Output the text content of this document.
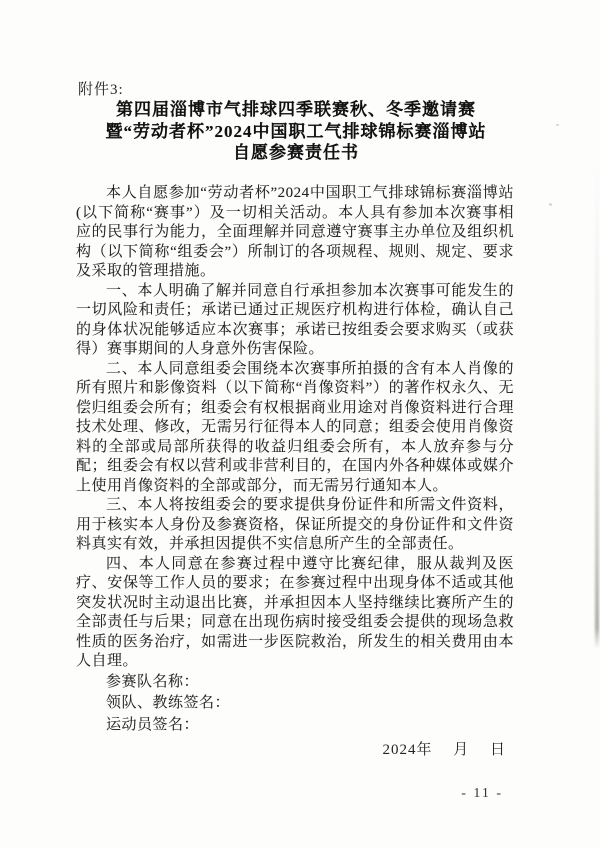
附件3:
第四届淄博市气排球四季联赛秋、冬季邀请赛
暨“劳动者杯”2024中国职工气排球锦标赛淄博站
自愿参赛责任书

本人自愿参加“劳动者杯”2024中国职工气排球锦标赛淄博站(以下简称“赛事”）及一切相关活动。本人具有参加本次赛事相应的民事行为能力，全面理解并同意遵守赛事主办单位及组织机构（以下简称“组委会”）所制订的各项规程、规则、规定、要求及采取的管理措施。

一、本人明确了解并同意自行承担参加本次赛事可能发生的一切风险和责任；承诺已通过正规医疗机构进行体检，确认自己的身体状况能够适应本次赛事；承诺已按组委会要求购买（或获得）赛事期间的人身意外伤害保险。

二、本人同意组委会围绕本次赛事所拍摄的含有本人肖像的所有照片和影像资料（以下简称“肖像资料”）的著作权永久、无偿归组委会所有；组委会有权根据商业用途对肖像资料进行合理技术处理、修改，无需另行征得本人的同意；组委会使用肖像资料的全部或局部所获得的收益归组委会所有，本人放弃参与分配；组委会有权以营利或非营利目的，在国内外各种媒体或媒介上使用肖像资料的全部或部分，而无需另行通知本人。

三、本人将按组委会的要求提供身份证件和所需文件资料，用于核实本人身份及参赛资格，保证所提交的身份证件和文件资料真实有效，并承担因提供不实信息所产生的全部责任。

四、本人同意在参赛过程中遵守比赛纪律，服从裁判及医疗、安保等工作人员的要求；在参赛过程中出现身体不适或其他突发状况时主动退出比赛，并承担因本人坚持继续比赛所产生的全部责任与后果；同意在出现伤病时接受组委会提供的现场急救性质的医务治疗，如需进一步医院救治，所发生的相关费用由本人自理。

参赛队名称：

领队、教练签名：

运动员签名：

2024年　 月　 日
- 11 -
